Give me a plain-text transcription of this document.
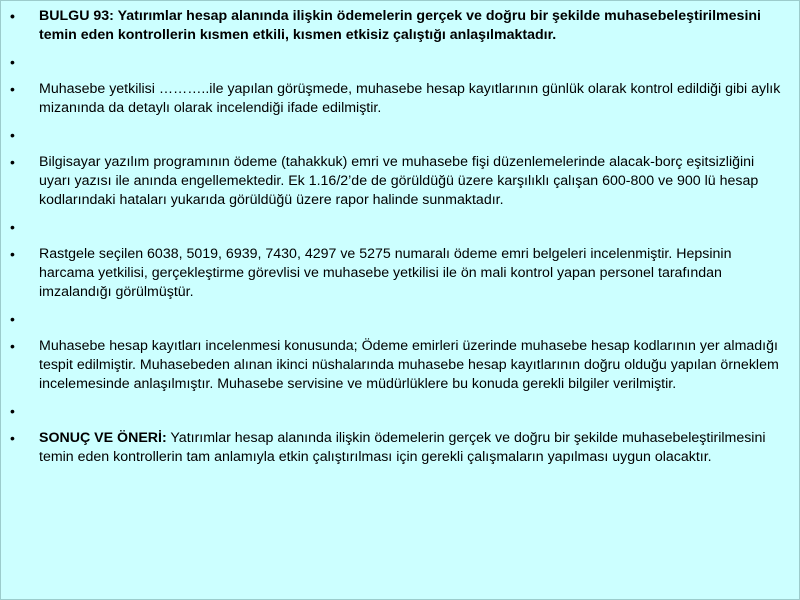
• BULGU 93: Yatırımlar hesap alanında ilişkin ödemelerin gerçek ve doğru bir şekilde muhasebeleştirilmesini temin eden kontrollerin kısmen etkili, kısmen etkisiz çalıştığı anlaşılmaktadır.
•
• Muhasebe yetkilisi ………..ile yapılan görüşmede, muhasebe hesap kayıtlarının günlük olarak kontrol edildiği gibi aylık mizanında da detaylı olarak incelendiği ifade edilmiştir.
•
• Bilgisayar yazılım programının ödeme (tahakkuk) emri ve muhasebe fişi düzenlemelerinde alacak-borç eşitsizliğini uyarı yazısı ile anında engellemektedir. Ek 1.16/2’de de görüldüğü üzere karşılıklı çalışan 600-800 ve 900 lü hesap kodlarındaki hataları yukarıda görüldüğü üzere rapor halinde sunmaktadır.
•
• Rastgele seçilen 6038, 5019, 6939, 7430, 4297 ve 5275 numaralı ödeme emri belgeleri incelenmiştir. Hepsinin harcama yetkilisi, gerçekleştirme görevlisi ve muhasebe yetkilisi ile ön mali kontrol yapan personel tarafından imzalandığı görülmüştür.
•
• Muhasebe hesap kayıtları incelenmesi konusunda; Ödeme emirleri üzerinde muhasebe hesap kodlarının yer almadığı tespit edilmiştir. Muhasebeden alınan ikinci nüshalarında muhasebe hesap kayıtlarının doğru olduğu yapılan örneklem incelemesinde anlaşılmıştır. Muhasebe servisine ve müdürlüklere bu konuda gerekli bilgiler verilmiştir.
•
• SONUÇ VE ÖNERİ: Yatırımlar hesap alanında ilişkin ödemelerin gerçek ve doğru bir şekilde muhasebeleştirilmesini temin eden kontrollerin tam anlamıyla etkin çalıştırılması için gerekli çalışmaların yapılması uygun olacaktır.
